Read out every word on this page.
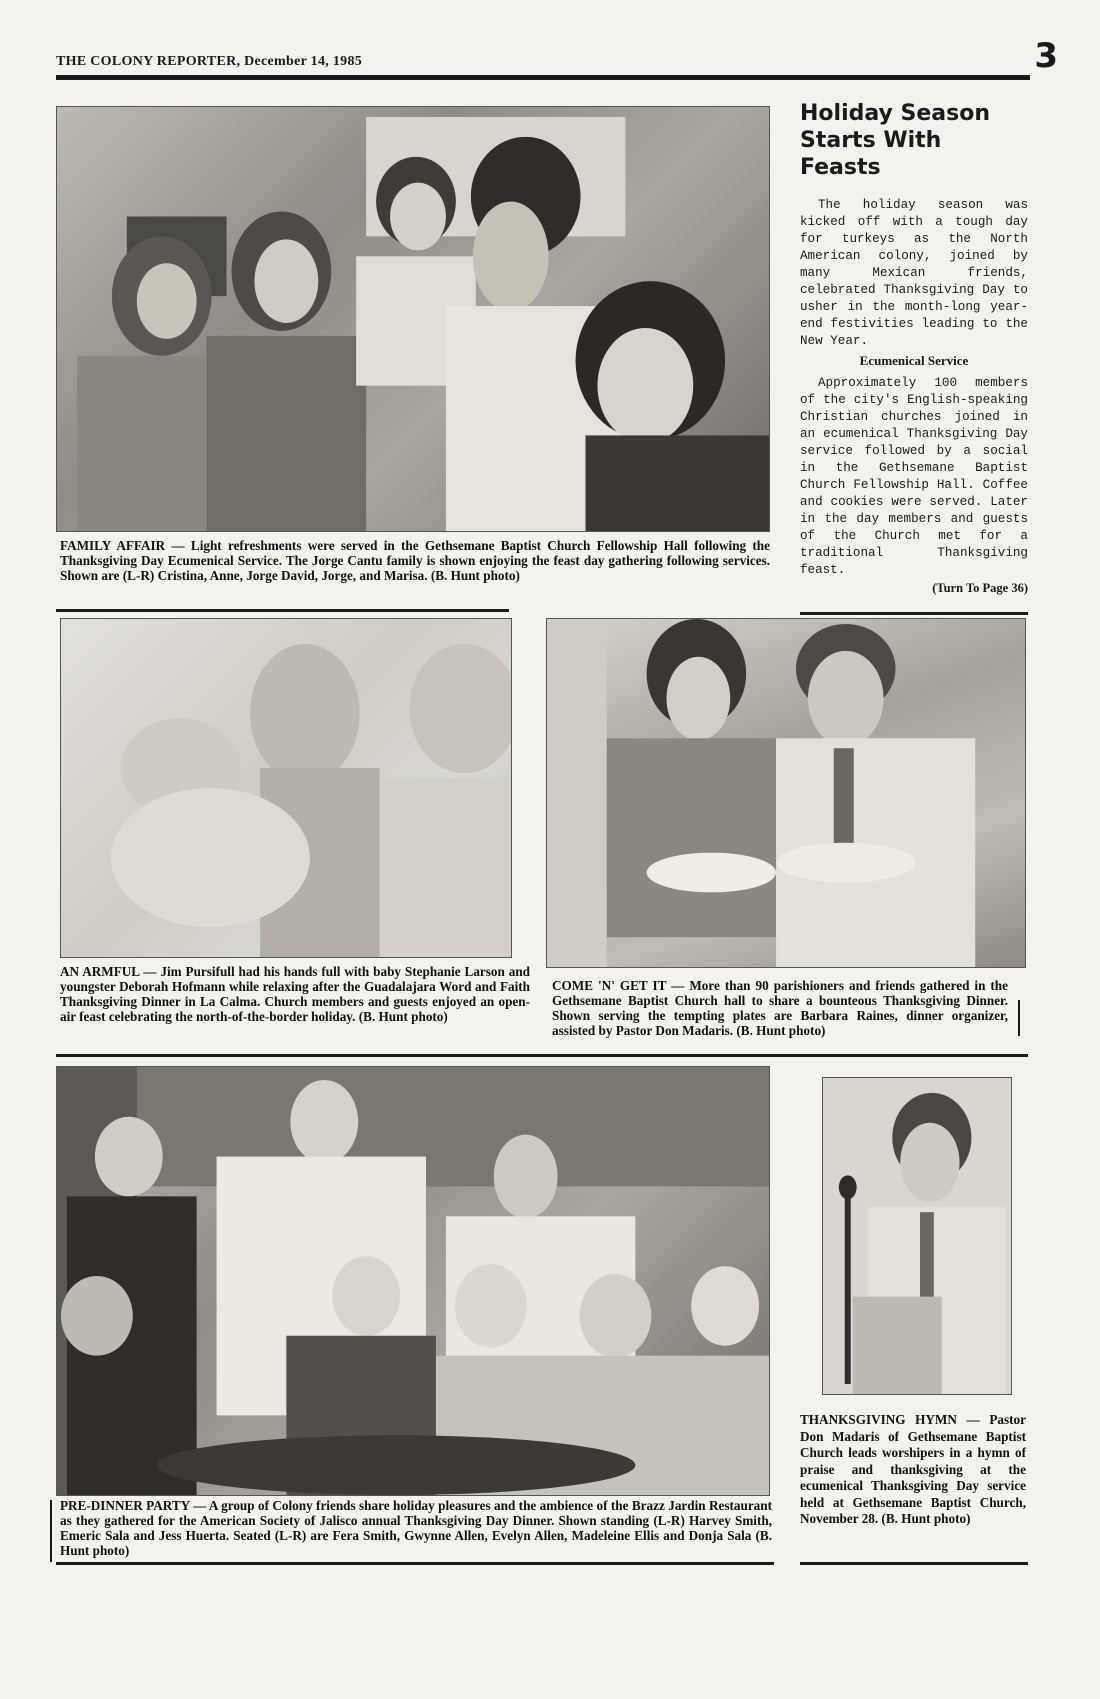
THE COLONY REPORTER, December 14, 1985	3
FAMILY AFFAIR — Light refreshments were served in the Gethsemane Baptist Church Fellowship Hall following the Thanksgiving Day Ecumenical Service. The Jorge Cantu family is shown enjoying the feast day gathering following services. Shown are (L-R) Cristina, Anne, Jorge David, Jorge, and Marisa. (B. Hunt photo)
Holiday Season
Starts With Feasts

The holiday season was kicked off with a tough day for turkeys as the North American colony, joined by many Mexican friends, celebrated Thanksgiving Day to usher in the month-long year-end festivities leading to the New Year.

Ecumenical Service

Approximately 100 members of the city's English-speaking Christian churches joined in an ecumenical Thanksgiving Day service followed by a social in the Gethsemane Baptist Church Fellowship Hall. Coffee and cookies were served. Later in the day members and guests of the Church met for a traditional Thanksgiving feast.

(Turn To Page 36)
AN ARMFUL — Jim Pursifull had his hands full with baby Stephanie Larson and youngster Deborah Hofmann while relaxing after the Guadalajara Word and Faith Thanksgiving Dinner in La Calma. Church members and guests enjoyed an open-air feast celebrating the north-of-the-border holiday. (B. Hunt photo)
COME 'N' GET IT — More than 90 parishioners and friends gathered in the Gethsemane Baptist Church hall to share a bounteous Thanksgiving Dinner. Shown serving the tempting plates are Barbara Raines, dinner organizer, assisted by Pastor Don Madaris. (B. Hunt photo)
PRE-DINNER PARTY — A group of Colony friends share holiday pleasures and the ambience of the Brazz Jardin Restaurant as they gathered for the American Society of Jalisco annual Thanksgiving Day Dinner. Shown standing (L-R) Harvey Smith, Emeric Sala and Jess Huerta. Seated (L-R) are Fera Smith, Gwynne Allen, Evelyn Allen, Madeleine Ellis and Donja Sala (B. Hunt photo)
THANKSGIVING HYMN — Pastor Don Madaris of Gethsemane Baptist Church leads worshipers in a hymn of praise and thanksgiving at the ecumenical Thanksgiving Day service held at Gethsemane Baptist Church, November 28. (B. Hunt photo)
